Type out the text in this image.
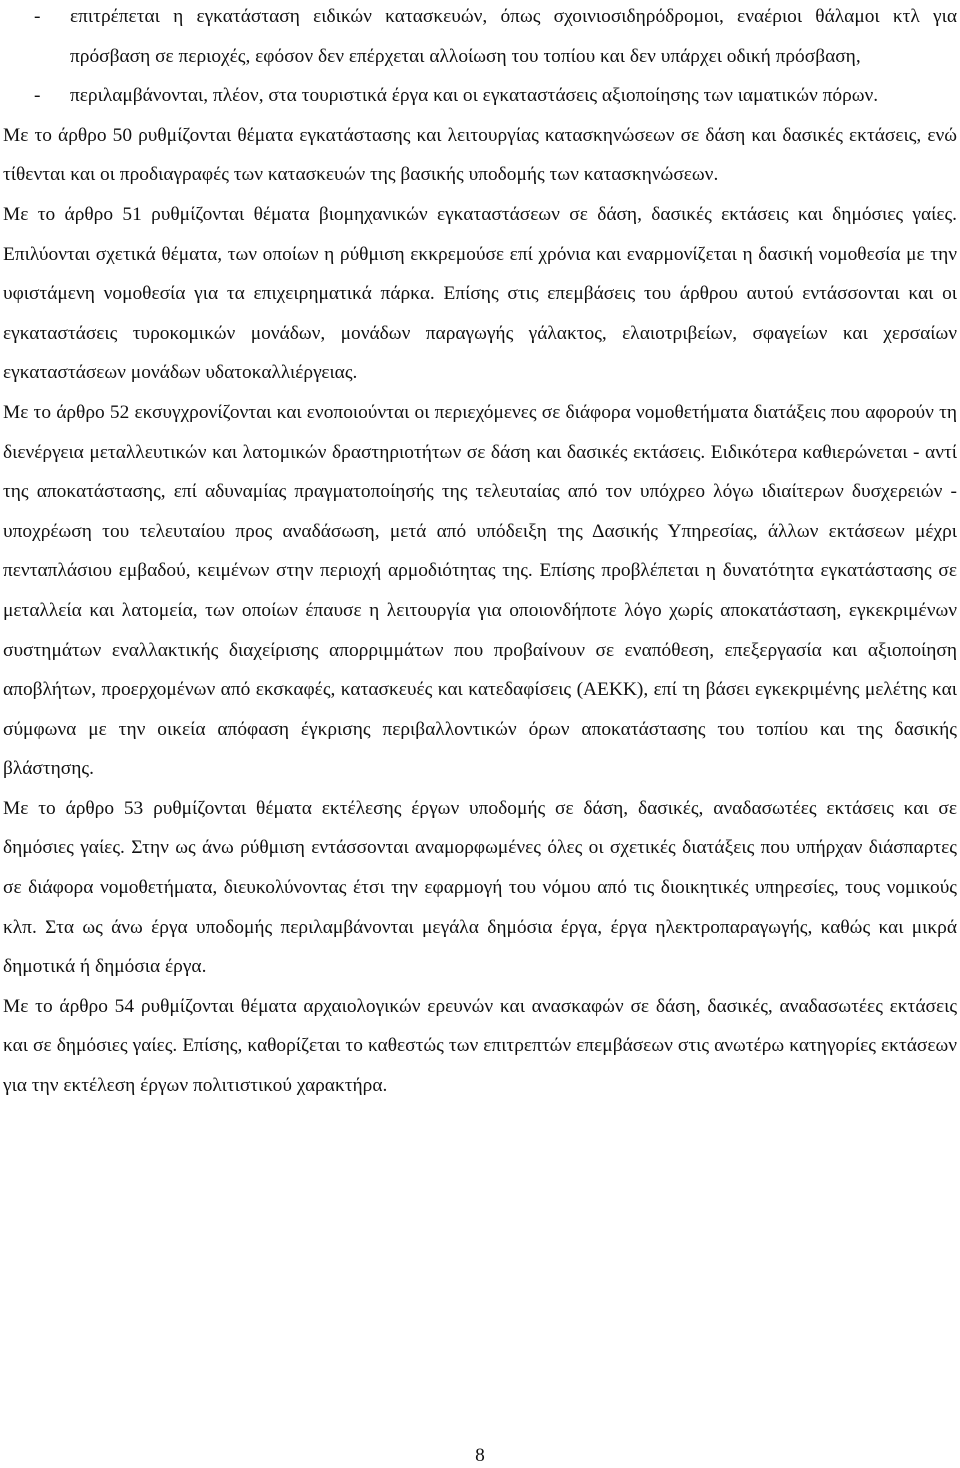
- επιτρέπεται η εγκατάσταση ειδικών κατασκευών, όπως σχοινιοσιδηρόδρομοι, εναέριοι θάλαμοι κτλ για πρόσβαση σε περιοχές, εφόσον δεν επέρχεται αλλοίωση του τοπίου και δεν υπάρχει οδική πρόσβαση,

- περιλαμβάνονται, πλέον, στα τουριστικά έργα και οι εγκαταστάσεις αξιοποίησης των ιαματικών πόρων.

Με το άρθρο 50 ρυθμίζονται θέματα εγκατάστασης και λειτουργίας κατασκηνώσεων σε δάση και δασικές εκτάσεις, ενώ τίθενται και οι προδιαγραφές των κατασκευών της βασικής υποδομής των κατασκηνώσεων.

Με το άρθρο 51 ρυθμίζονται θέματα βιομηχανικών εγκαταστάσεων σε δάση, δασικές εκτάσεις και δημόσιες γαίες. Επιλύονται σχετικά θέματα, των οποίων η ρύθμιση εκκρεμούσε επί χρόνια και εναρμονίζεται η δασική νομοθεσία με την υφιστάμενη νομοθεσία για τα επιχειρηματικά πάρκα. Επίσης στις επεμβάσεις του άρθρου αυτού εντάσσονται και οι εγκαταστάσεις τυροκομικών μονάδων, μονάδων παραγωγής γάλακτος, ελαιοτριβείων, σφαγείων και χερσαίων εγκαταστάσεων μονάδων υδατοκαλλιέργειας.

Με το άρθρο 52 εκσυγχρονίζονται και ενοποιούνται οι περιεχόμενες σε διάφορα νομοθετήματα διατάξεις που αφορούν τη διενέργεια μεταλλευτικών και λατομικών δραστηριοτήτων σε δάση και δασικές εκτάσεις. Ειδικότερα καθιερώνεται - αντί της αποκατάστασης, επί αδυναμίας πραγματοποίησής της τελευταίας από τον υπόχρεο λόγω ιδιαίτερων δυσχερειών - υποχρέωση του τελευταίου προς αναδάσωση, μετά από υπόδειξη της Δασικής Υπηρεσίας, άλλων εκτάσεων μέχρι πενταπλάσιου εμβαδού, κειμένων στην περιοχή αρμοδιότητας της. Επίσης προβλέπεται η δυνατότητα εγκατάστασης σε μεταλλεία και λατομεία, των οποίων έπαυσε η λειτουργία για οποιονδήποτε λόγο χωρίς αποκατάσταση, εγκεκριμένων συστημάτων εναλλακτικής διαχείρισης απορριμμάτων που προβαίνουν σε εναπόθεση, επεξεργασία και αξιοποίηση αποβλήτων, προερχομένων από εκσκαφές, κατασκευές και κατεδαφίσεις (ΑΕΚΚ), επί τη βάσει εγκεκριμένης μελέτης και σύμφωνα με την οικεία απόφαση έγκρισης περιβαλλοντικών όρων αποκατάστασης του τοπίου και της δασικής βλάστησης.

Με το άρθρο 53 ρυθμίζονται θέματα εκτέλεσης έργων υποδομής σε δάση, δασικές, αναδασωτέες εκτάσεις και σε δημόσιες γαίες. Στην ως άνω ρύθμιση εντάσσονται αναμορφωμένες όλες οι σχετικές διατάξεις που υπήρχαν διάσπαρτες σε διάφορα νομοθετήματα, διευκολύνοντας έτσι την εφαρμογή του νόμου από τις διοικητικές υπηρεσίες, τους νομικούς κλπ. Στα ως άνω έργα υποδομής περιλαμβάνονται μεγάλα δημόσια έργα, έργα ηλεκτροπαραγωγής, καθώς και μικρά δημοτικά ή δημόσια έργα.

Με το άρθρο 54 ρυθμίζονται θέματα αρχαιολογικών ερευνών και ανασκαφών σε δάση, δασικές, αναδασωτέες εκτάσεις και σε δημόσιες γαίες. Επίσης, καθορίζεται το καθεστώς των επιτρεπτών επεμβάσεων στις ανωτέρω κατηγορίες εκτάσεων για την εκτέλεση έργων πολιτιστικού χαρακτήρα.

8
